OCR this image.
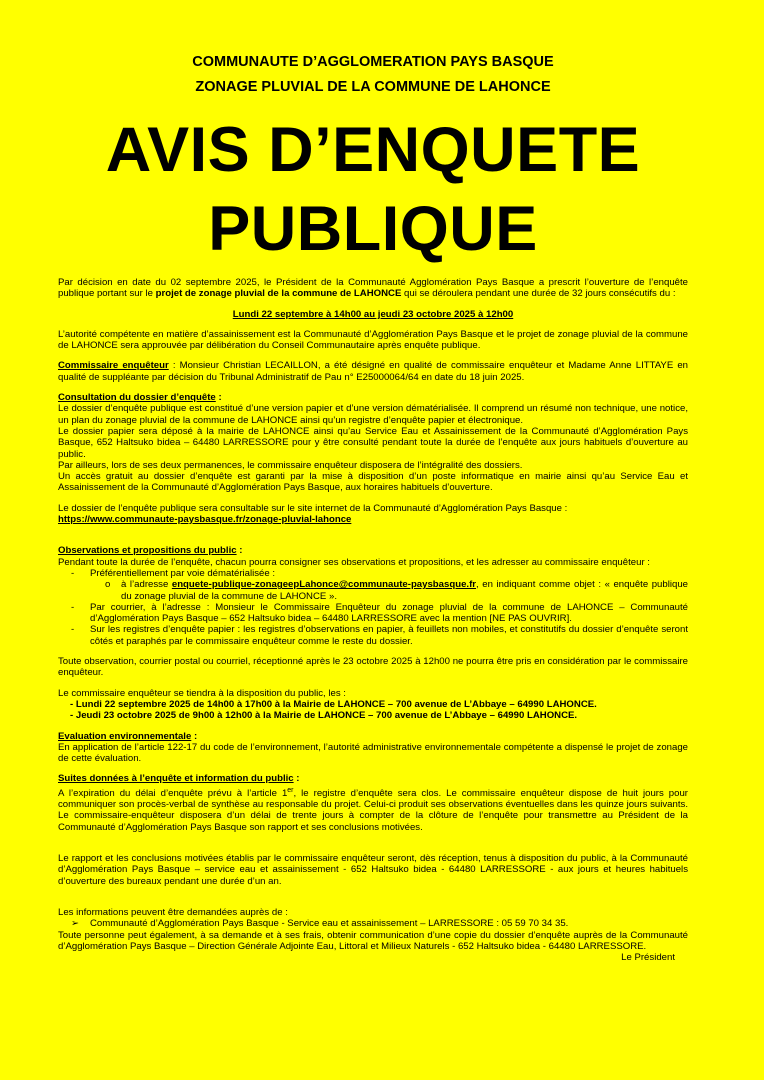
COMMUNAUTE D’AGGLOMERATION PAYS BASQUE
ZONAGE PLUVIAL DE LA COMMUNE DE LAHONCE
AVIS D’ENQUETE
PUBLIQUE

Par décision en date du 02 septembre 2025, le Président de la Communauté Agglomération Pays Basque a prescrit l’ouverture de l’enquête publique portant sur le projet de zonage pluvial de la commune de LAHONCE qui se déroulera pendant une durée de 32 jours consécutifs du :

Lundi 22 septembre à 14h00 au jeudi 23 octobre 2025 à 12h00

L’autorité compétente en matière d’assainissement est la Communauté d’Agglomération Pays Basque et le projet de zonage pluvial de la commune de LAHONCE sera approuvée par délibération du Conseil Communautaire après enquête publique.

Commissaire enquêteur : Monsieur Christian LECAILLON, a été désigné en qualité de commissaire enquêteur et Madame Anne LITTAYE en qualité de suppléante par décision du Tribunal Administratif de Pau n° E25000064/64 en date du 18 juin 2025.

Consultation du dossier d’enquête :

Le dossier d’enquête publique est constitué d’une version papier et d’une version dématérialisée. Il comprend un résumé non technique, une notice, un plan du zonage pluvial de la commune de LAHONCE ainsi qu’un registre d’enquête papier et électronique.

Le dossier papier sera déposé à la mairie de LAHONCE ainsi qu’au Service Eau et Assainissement de la Communauté d’Agglomération Pays Basque, 652 Haltsuko bidea – 64480 LARRESSORE pour y être consulté pendant toute la durée de l’enquête aux jours habituels d’ouverture au public.

Par ailleurs, lors de ses deux permanences, le commissaire enquêteur disposera de l’intégralité des dossiers.

Un accès gratuit au dossier d’enquête est garanti par la mise à disposition d’un poste informatique en mairie ainsi qu’au Service Eau et Assainissement de la Communauté d’Agglomération Pays Basque, aux horaires habituels d’ouverture.

Le dossier de l’enquête publique sera consultable sur le site internet de la Communauté d’Agglomération Pays Basque :

https://www.communaute-paysbasque.fr/zonage-pluvial-lahonce

Observations et propositions du public :

Pendant toute la durée de l’enquête, chacun pourra consigner ses observations et propositions, et les adresser au commissaire enquêteur :

- Préférentiellement par voie dématérialisée :
o à l’adresse enquete-publique-zonageepLahonce@communaute-paysbasque.fr, en indiquant comme objet : « enquête publique du zonage pluvial de la commune de LAHONCE ».
- Par courrier, à l’adresse : Monsieur le Commissaire Enquêteur du zonage pluvial de la commune de LAHONCE – Communauté d’Agglomération Pays Basque – 652 Haltsuko bidea – 64480 LARRESSORE avec la mention [NE PAS OUVRIR].
- Sur les registres d’enquête papier : les registres d’observations en papier, à feuillets non mobiles, et constitutifs du dossier d’enquête seront côtés et paraphés par le commissaire enquêteur comme le reste du dossier.

Toute observation, courrier postal ou courriel, réceptionné après le 23 octobre 2025 à 12h00 ne pourra être pris en considération par le commissaire enquêteur.

Le commissaire enquêteur se tiendra à la disposition du public, les :

- Lundi 22 septembre 2025 de 14h00 à 17h00 à la Mairie de LAHONCE – 700 avenue de L’Abbaye – 64990 LAHONCE.

- Jeudi 23 octobre 2025 de 9h00 à 12h00 à la Mairie de LAHONCE – 700 avenue de L’Abbaye – 64990 LAHONCE.

Evaluation environnementale :

En application de l’article 122-17 du code de l’environnement, l’autorité administrative environnementale compétente a dispensé le projet de zonage de cette évaluation.

Suites données à l’enquête et information du public :

A l’expiration du délai d’enquête prévu à l’article 1er, le registre d’enquête sera clos. Le commissaire enquêteur dispose de huit jours pour communiquer son procès-verbal de synthèse au responsable du projet. Celui-ci produit ses observations éventuelles dans les quinze jours suivants. Le commissaire-enquêteur disposera d’un délai de trente jours à compter de la clôture de l’enquête pour transmettre au Président de la Communauté d’Agglomération Pays Basque son rapport et ses conclusions motivées.

Le rapport et les conclusions motivées établis par le commissaire enquêteur seront, dès réception, tenus à disposition du public, à la Communauté d’Agglomération Pays Basque – service eau et assainissement - 652 Haltsuko bidea - 64480 LARRESSORE - aux jours et heures habituels d’ouverture des bureaux pendant une durée d’un an.

Les informations peuvent être demandées auprès de :

➢ Communauté d’Agglomération Pays Basque - Service eau et assainissement – LARRESSORE : 05 59 70 34 35.

Toute personne peut également, à sa demande et à ses frais, obtenir communication d’une copie du dossier d’enquête auprès de la Communauté d’Agglomération Pays Basque – Direction Générale Adjointe Eau, Littoral et Milieux Naturels - 652 Haltsuko bidea - 64480 LARRESSORE.

Le Président
